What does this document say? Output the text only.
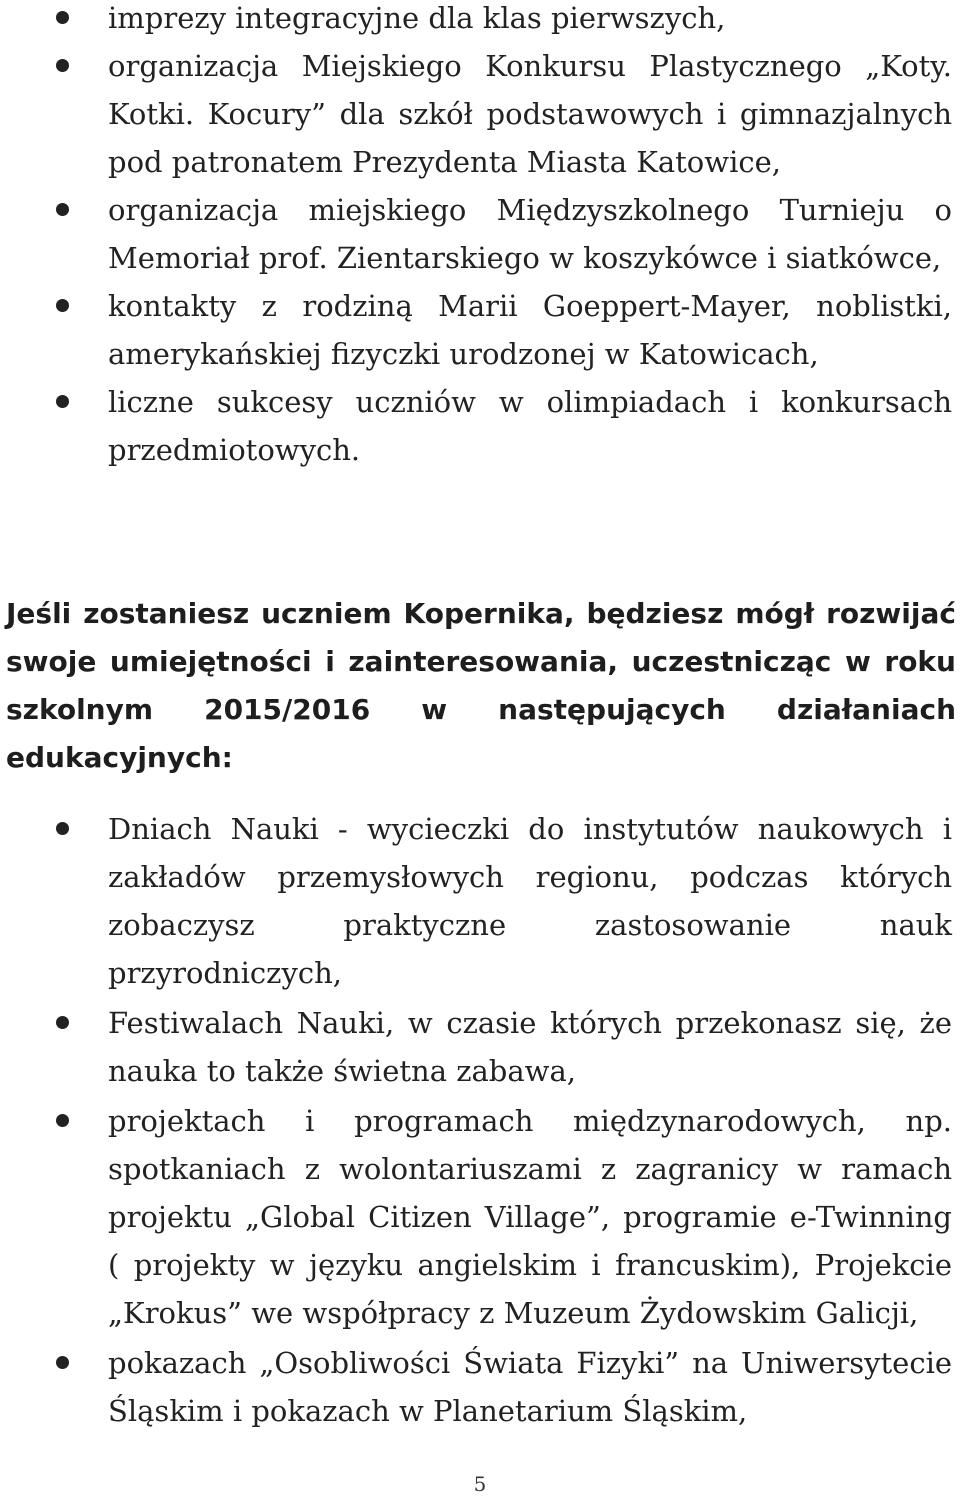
imprezy integracyjne dla klas pierwszych,
organizacja Miejskiego Konkursu Plastycznego „Koty. Kotki. Kocury” dla szkół podstawowych i gimnazjalnych pod patronatem Prezydenta Miasta Katowice,
organizacja miejskiego Międzyszkolnego Turnieju o Memoriał prof. Zientarskiego w koszykówce i siatkówce,
kontakty z rodziną Marii Goeppert-Mayer, noblistki, amerykańskiej fizyczki urodzonej w Katowicach,
liczne sukcesy uczniów w olimpiadach i konkursach przedmiotowych.
Jeśli zostaniesz uczniem Kopernika, będziesz mógł rozwijać swoje umiejętności i zainteresowania, uczestnicząc w roku szkolnym 2015/2016 w następujących działaniach edukacyjnych:
Dniach Nauki - wycieczki do instytutów naukowych i zakładów przemysłowych regionu, podczas których zobaczysz praktyczne zastosowanie nauk przyrodniczych,
Festiwalach Nauki, w czasie których przekonasz się, że nauka to także świetna zabawa,
projektach i programach międzynarodowych, np. spotkaniach z wolontariuszami z zagranicy w ramach projektu „Global Citizen Village”, programie e-Twinning ( projekty w języku angielskim i francuskim), Projekcie „Krokus” we współpracy z Muzeum Żydowskim Galicji,
pokazach „Osobliwości Świata Fizyki” na Uniwersytecie Śląskim i pokazach w Planetarium Śląskim,
5
